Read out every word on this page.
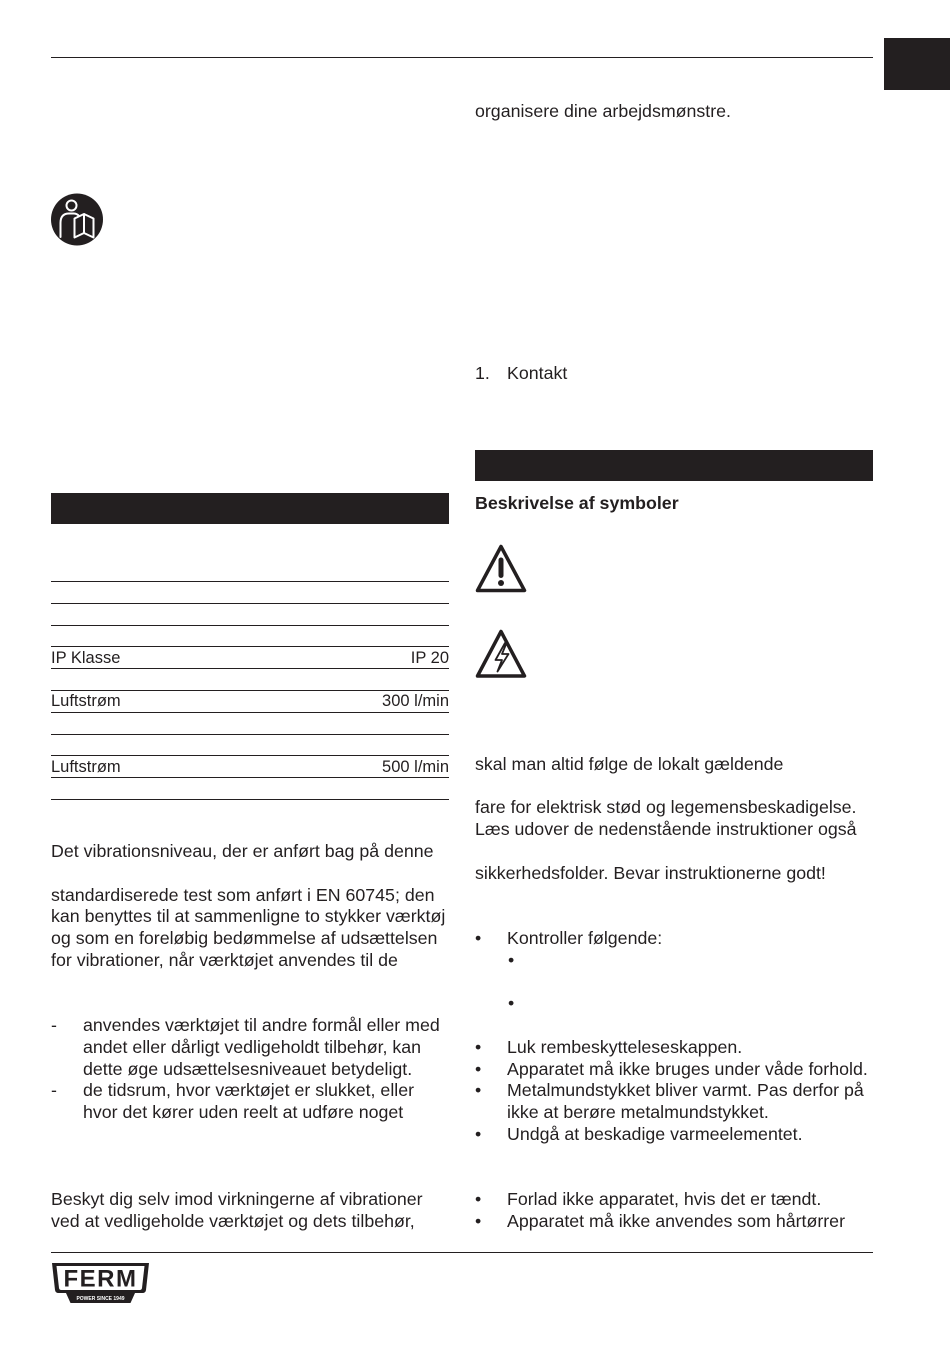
IP Klasse	IP 20
Luftstrøm	300 l/min
Luftstrøm	500 l/min
Det vibrationsniveau, der er anført bag på denne
standardiserede test som anført i EN 60745; den
kan benyttes til at sammenligne to stykker værktøj
og som en foreløbig bedømmelse af udsættelsen
for vibrationer, når værktøjet anvendes til de
- anvendes værktøjet til andre formål eller med
andet eller dårligt vedligeholdt tilbehør, kan
dette øge udsættelsesniveauet betydeligt.
- de tidsrum, hvor værktøjet er slukket, eller
hvor det kører uden reelt at udføre noget
Beskyt dig selv imod virkningerne af vibrationer
ved at vedligeholde værktøjet og dets tilbehør,
organisere dine arbejdsmønstre.
1. Kontakt
Beskrivelse af symboler
skal man altid følge de lokalt gældende
fare for elektrisk stød og legemensbeskadigelse.
Læs udover de nedenstående instruktioner også
sikkerhedsfolder. Bevar instruktionerne godt!
• Kontroller følgende:
•
•
• Luk rembeskytteleseskappen.
• Apparatet må ikke bruges under våde forhold.
• Metalmundstykket bliver varmt. Pas derfor på
ikke at berøre metalmundstykket.
• Undgå at beskadige varmeelementet.
• Forlad ikke apparatet, hvis det er tændt.
• Apparatet må ikke anvendes som hårtørrer
FERM
POWER SINCE 1949
